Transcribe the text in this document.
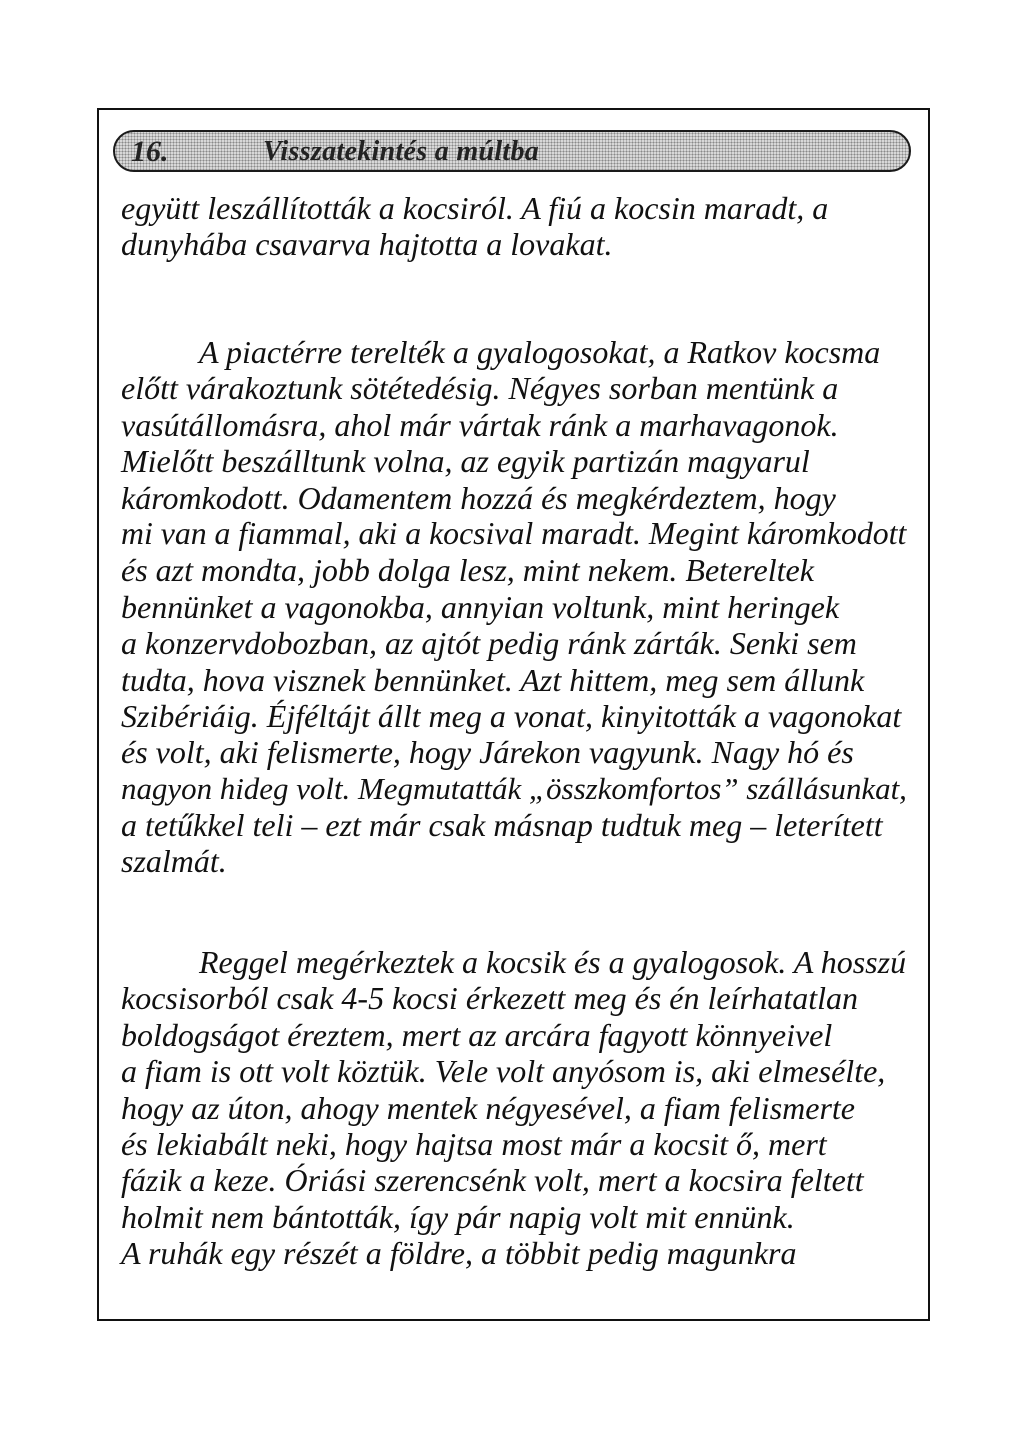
16.	Visszatekintés a múltba
együtt leszállították a kocsiról. A fiú a kocsin maradt, a
dunyhába csavarva hajtotta a lovakat.
A piactérre terelték a gyalogosokat, a Ratkov kocsma
előtt várakoztunk sötétedésig. Négyes sorban mentünk a
vasútállomásra, ahol már vártak ránk a marhavagonok.
Mielőtt beszálltunk volna, az egyik partizán magyarul
káromkodott. Odamentem hozzá és megkérdeztem, hogy
mi van a fiammal, aki a kocsival maradt. Megint káromkodott
és azt mondta, jobb dolga lesz, mint nekem. Betereltek
bennünket a vagonokba, annyian voltunk, mint heringek
a konzervdobozban, az ajtót pedig ránk zárták. Senki sem
tudta, hova visznek bennünket. Azt hittem, meg sem állunk
Szibériáig. Éjféltájt állt meg a vonat, kinyitották a vagonokat
és volt, aki felismerte, hogy Járekon vagyunk. Nagy hó és
nagyon hideg volt. Megmutatták „összkomfortos” szállásunkat,
a tetűkkel teli – ezt már csak másnap tudtuk meg – leterített
szalmát.
Reggel megérkeztek a kocsik és a gyalogosok. A hosszú
kocsisorból csak 4-5 kocsi érkezett meg és én leírhatatlan
boldogságot éreztem, mert az arcára fagyott könnyeivel
a fiam is ott volt köztük. Vele volt anyósom is, aki elmesélte,
hogy az úton, ahogy mentek négyesével, a fiam felismerte
és lekiabált neki, hogy hajtsa most már a kocsit ő, mert
fázik a keze. Óriási szerencsénk volt, mert a kocsira feltett
holmit nem bántották, így pár napig volt mit ennünk.
A ruhák egy részét a földre, a többit pedig magunkra
